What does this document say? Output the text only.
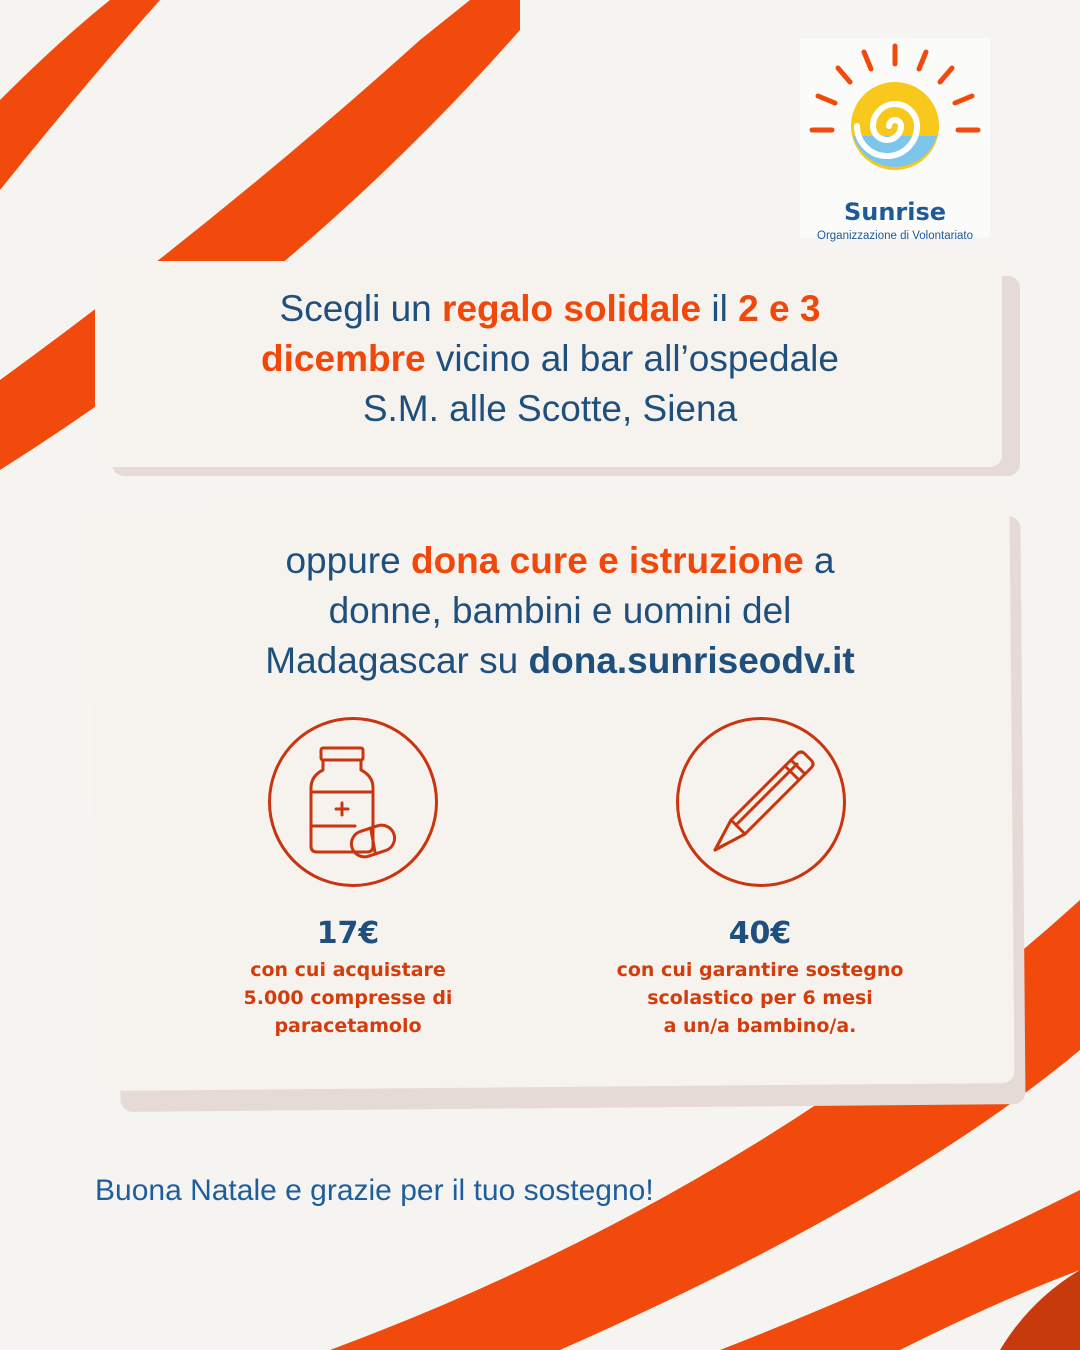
Sunrise
Organizzazione di Volontariato
Scegli un regalo solidale il 2 e 3
dicembre vicino al bar all’ospedale
S.M. alle Scotte, Siena
oppure dona cure e istruzione a
donne, bambini e uomini del
Madagascar su dona.sunriseodv.it
17€
con cui acquistare
5.000 compresse di
paracetamolo
40€
con cui garantire sostegno
scolastico per 6 mesi
a un/a bambino/a.
Buona Natale e grazie per il tuo sostegno!
